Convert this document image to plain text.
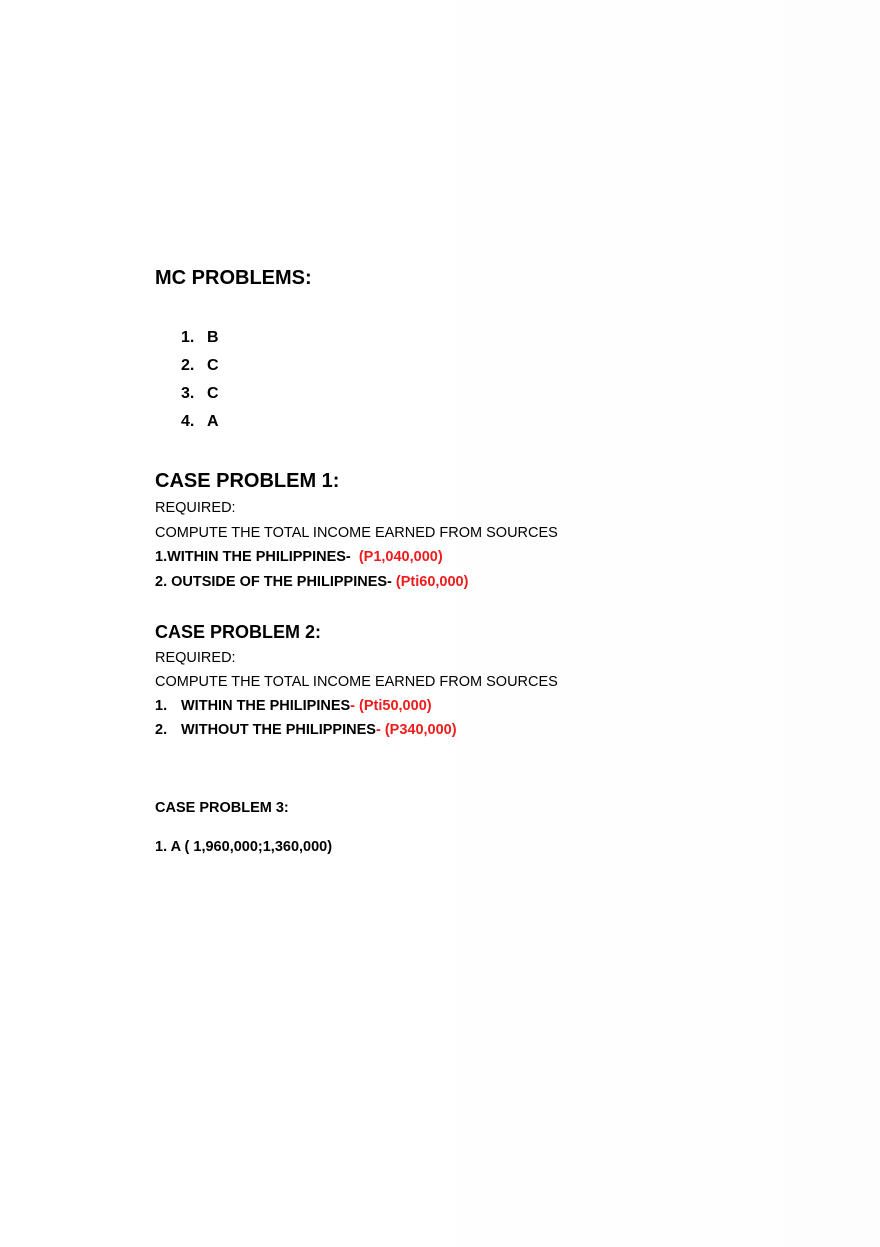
MC PROBLEMS:
1. B
2. C
3. C
4. A
CASE PROBLEM 1:
REQUIRED:
COMPUTE THE TOTAL INCOME EARNED FROM SOURCES
1.WITHIN THE PHILIPPINES- (P1,040,000)
2. OUTSIDE OF THE PHILIPPINES- (Pti60,000)
CASE PROBLEM 2:
REQUIRED:
COMPUTE THE TOTAL INCOME EARNED FROM SOURCES
1. WITHIN THE PHILIPINES- (Pti50,000)
2. WITHOUT THE PHILIPPINES- (P340,000)
CASE PROBLEM 3:
1. A ( 1,960,000;1,360,000)
